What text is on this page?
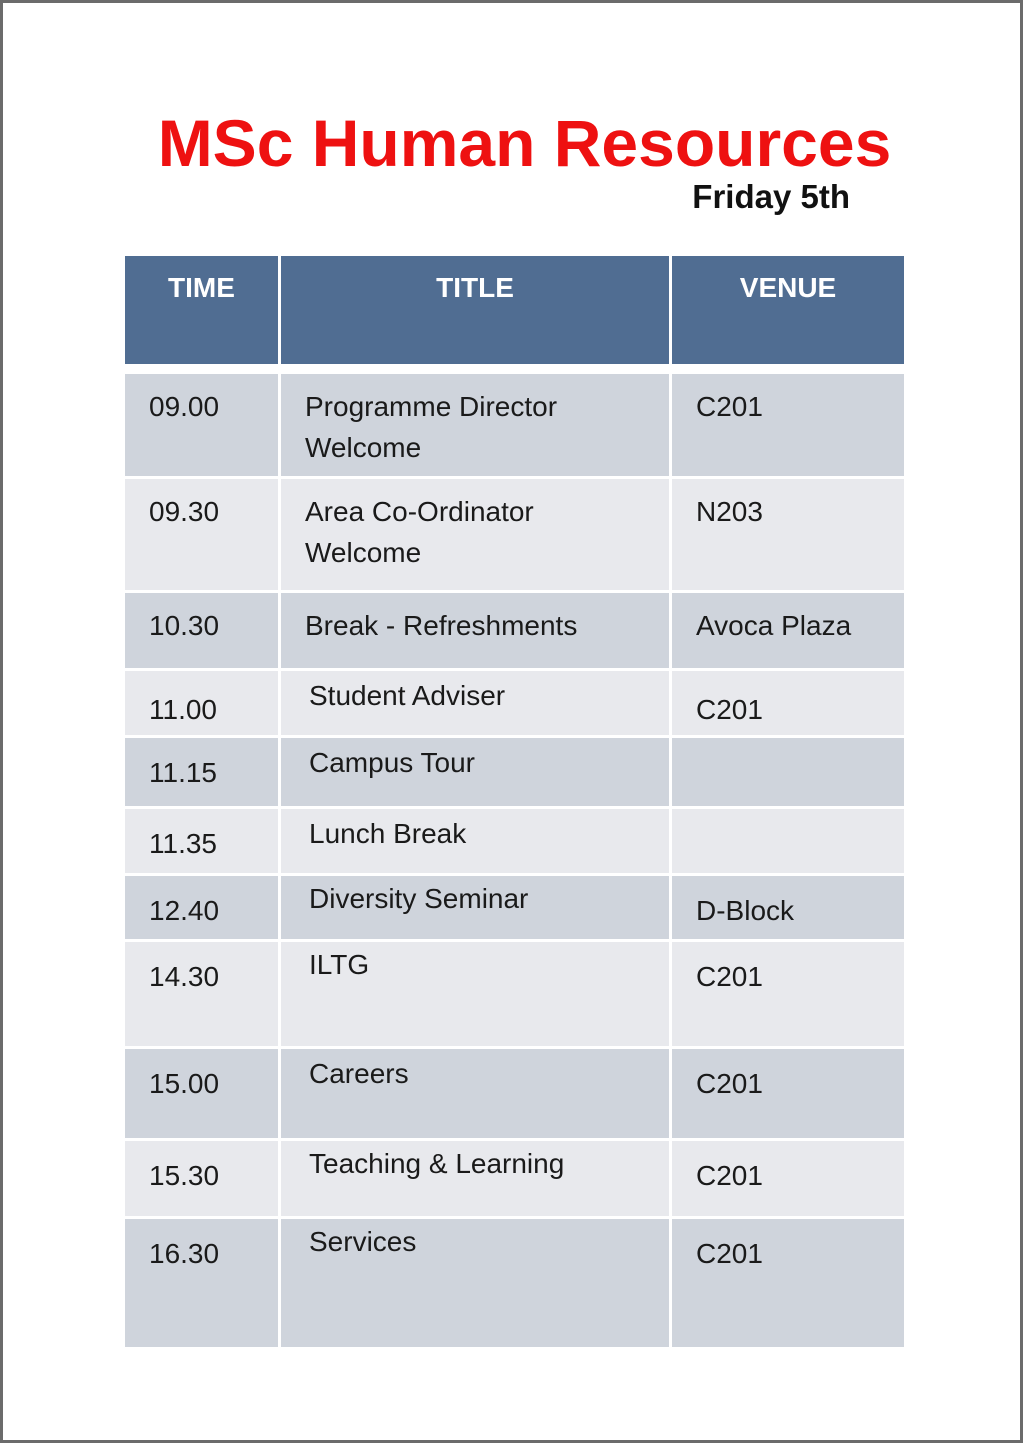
MSc Human Resources
Friday 5th
TIME	TITLE	VENUE

09.00	Programme Director Welcome	C201
09.30	Area Co-Ordinator Welcome	N203
10.30	Break - Refreshments	Avoca Plaza
11.00	Student Adviser	C201
11.15	Campus Tour	
11.35	Lunch Break	
12.40	Diversity Seminar	D-Block
14.30	ILTG	C201
15.00	Careers	C201
15.30	Teaching & Learning	C201
16.30	Services	C201
